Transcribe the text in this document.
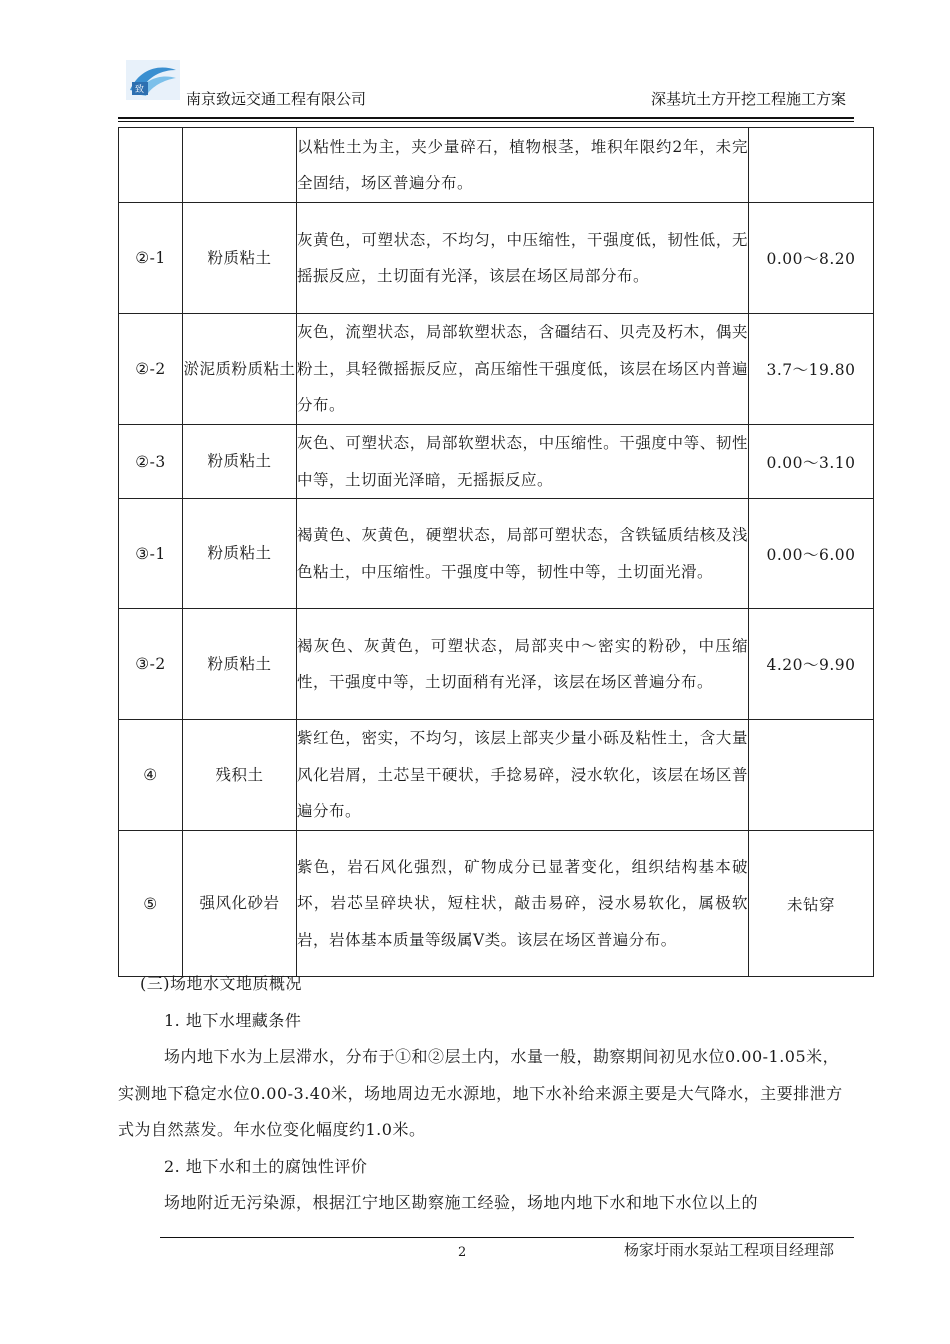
致	南京致远交通工程有限公司	深基坑土方开挖工程施工方案
		以粘性土为主，夹少量碎石，植物根茎，堆积年限约2年，未完全固结，场区普遍分布。	
②-1	粉质粘土	灰黄色，可塑状态，不均匀，中压缩性，干强度低，韧性低，无摇振反应，土切面有光泽，该层在场区局部分布。	0.00～8.20
②-2	淤泥质粉质粘土	灰色，流塑状态，局部软塑状态，含礓结石、贝壳及朽木，偶夹粉土，具轻微摇振反应，高压缩性干强度低，该层在场区内普遍分布。	3.7～19.80
②-3	粉质粘土	灰色、可塑状态，局部软塑状态，中压缩性。干强度中等、韧性中等，土切面光泽暗，无摇振反应。	0.00～3.10
③-1	粉质粘土	褐黄色、灰黄色，硬塑状态，局部可塑状态，含铁锰质结核及浅色粘土，中压缩性。干强度中等，韧性中等，土切面光滑。	0.00～6.00
③-2	粉质粘土	褐灰色、灰黄色，可塑状态，局部夹中～密实的粉砂，中压缩性，干强度中等，土切面稍有光泽，该层在场区普遍分布。	4.20～9.90
④	残积土	紫红色，密实，不均匀，该层上部夹少量小砾及粘性土，含大量风化岩屑，土芯呈干硬状，手捻易碎，浸水软化，该层在场区普遍分布。	
⑤	强风化砂岩	紫色，岩石风化强烈，矿物成分已显著变化，组织结构基本破坏，岩芯呈碎块状，短柱状，敲击易碎，浸水易软化，属极软岩，岩体基本质量等级属Ⅴ类。该层在场区普遍分布。	未钻穿

(三)场地水文地质概况

1. 地下水埋藏条件

场内地下水为上层滞水，分布于①和②层土内，水量一般，勘察期间初见水位0.00-1.05米，实测地下稳定水位0.00-3.40米，场地周边无水源地，地下水补给来源主要是大气降水，主要排泄方式为自然蒸发。年水位变化幅度约1.0米。

2. 地下水和土的腐蚀性评价

场地附近无污染源，根据江宁地区勘察施工经验，场地内地下水和地下水位以上的

2	杨家圩雨水泵站工程项目经理部
